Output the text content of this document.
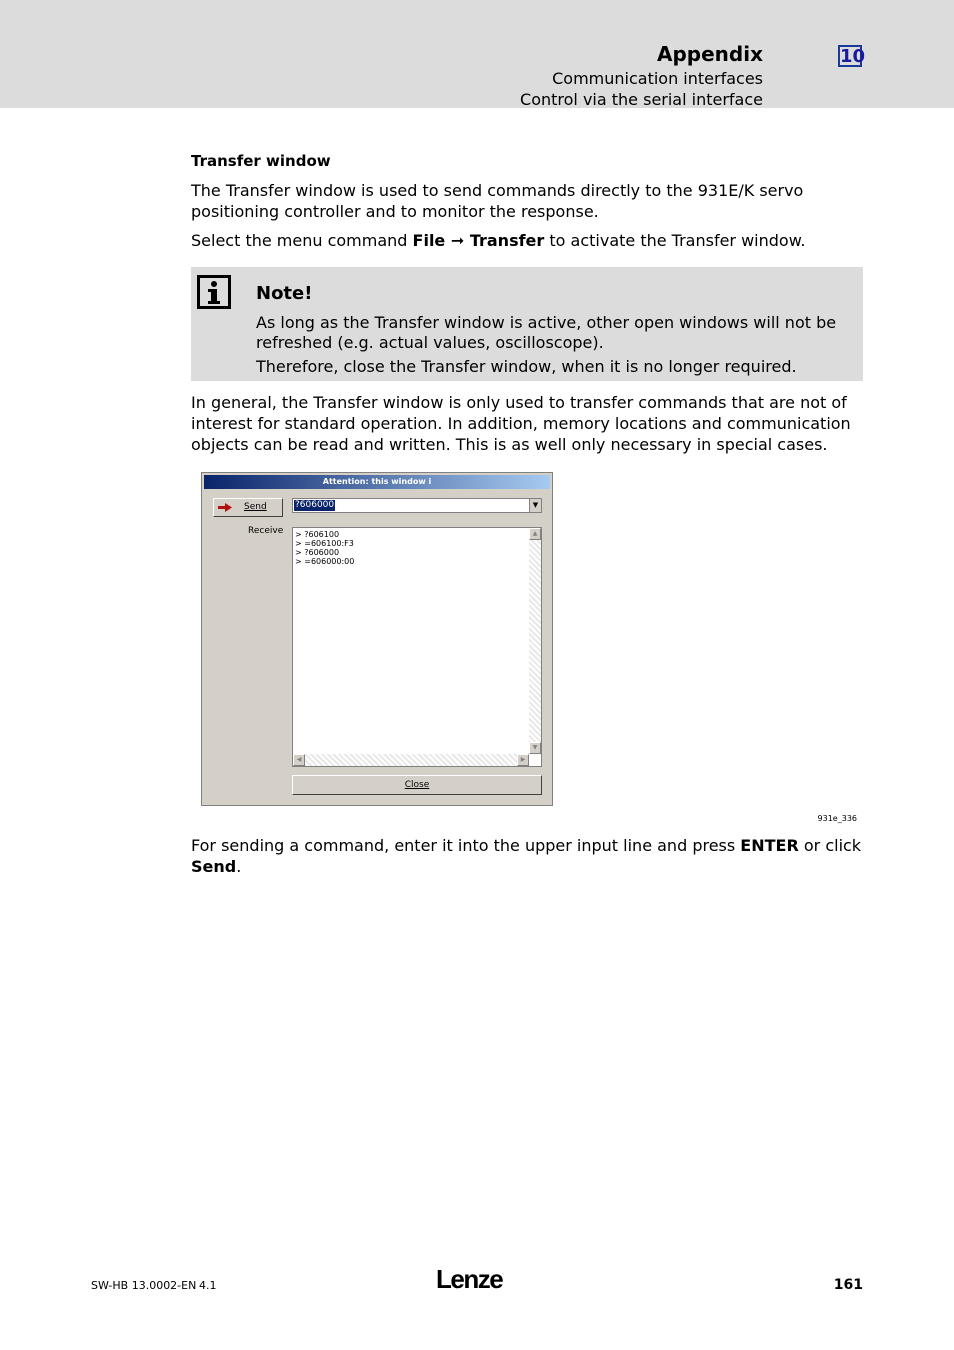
Appendix	10
Communication interfaces
Control via the serial interface
Transfer window
The Transfer window is used to send commands directly to the 931E/K servo positioning controller and to monitor the response.
Select the menu command File ➞ Transfer to activate the Transfer window.
Note!
As long as the Transfer window is active, other open windows will not be refreshed (e.g. actual values, oscilloscope).
Therefore, close the Transfer window, when it is no longer required.
In general, the Transfer window is only used to transfer commands that are not of interest for standard operation. In addition, memory locations and communication objects can be read and written. This is as well only necessary in special cases.
Attention: this window i
Send
Receive
?606000	▼
> ?606100
> =606100:F3
> ?606000
> =606000:00
▲
▼
◀	▶
Close
931e_336
For sending a command, enter it into the upper input line and press ENTER or click Send.
SW-HB 13.0002-EN 4.1	Lenze	161
